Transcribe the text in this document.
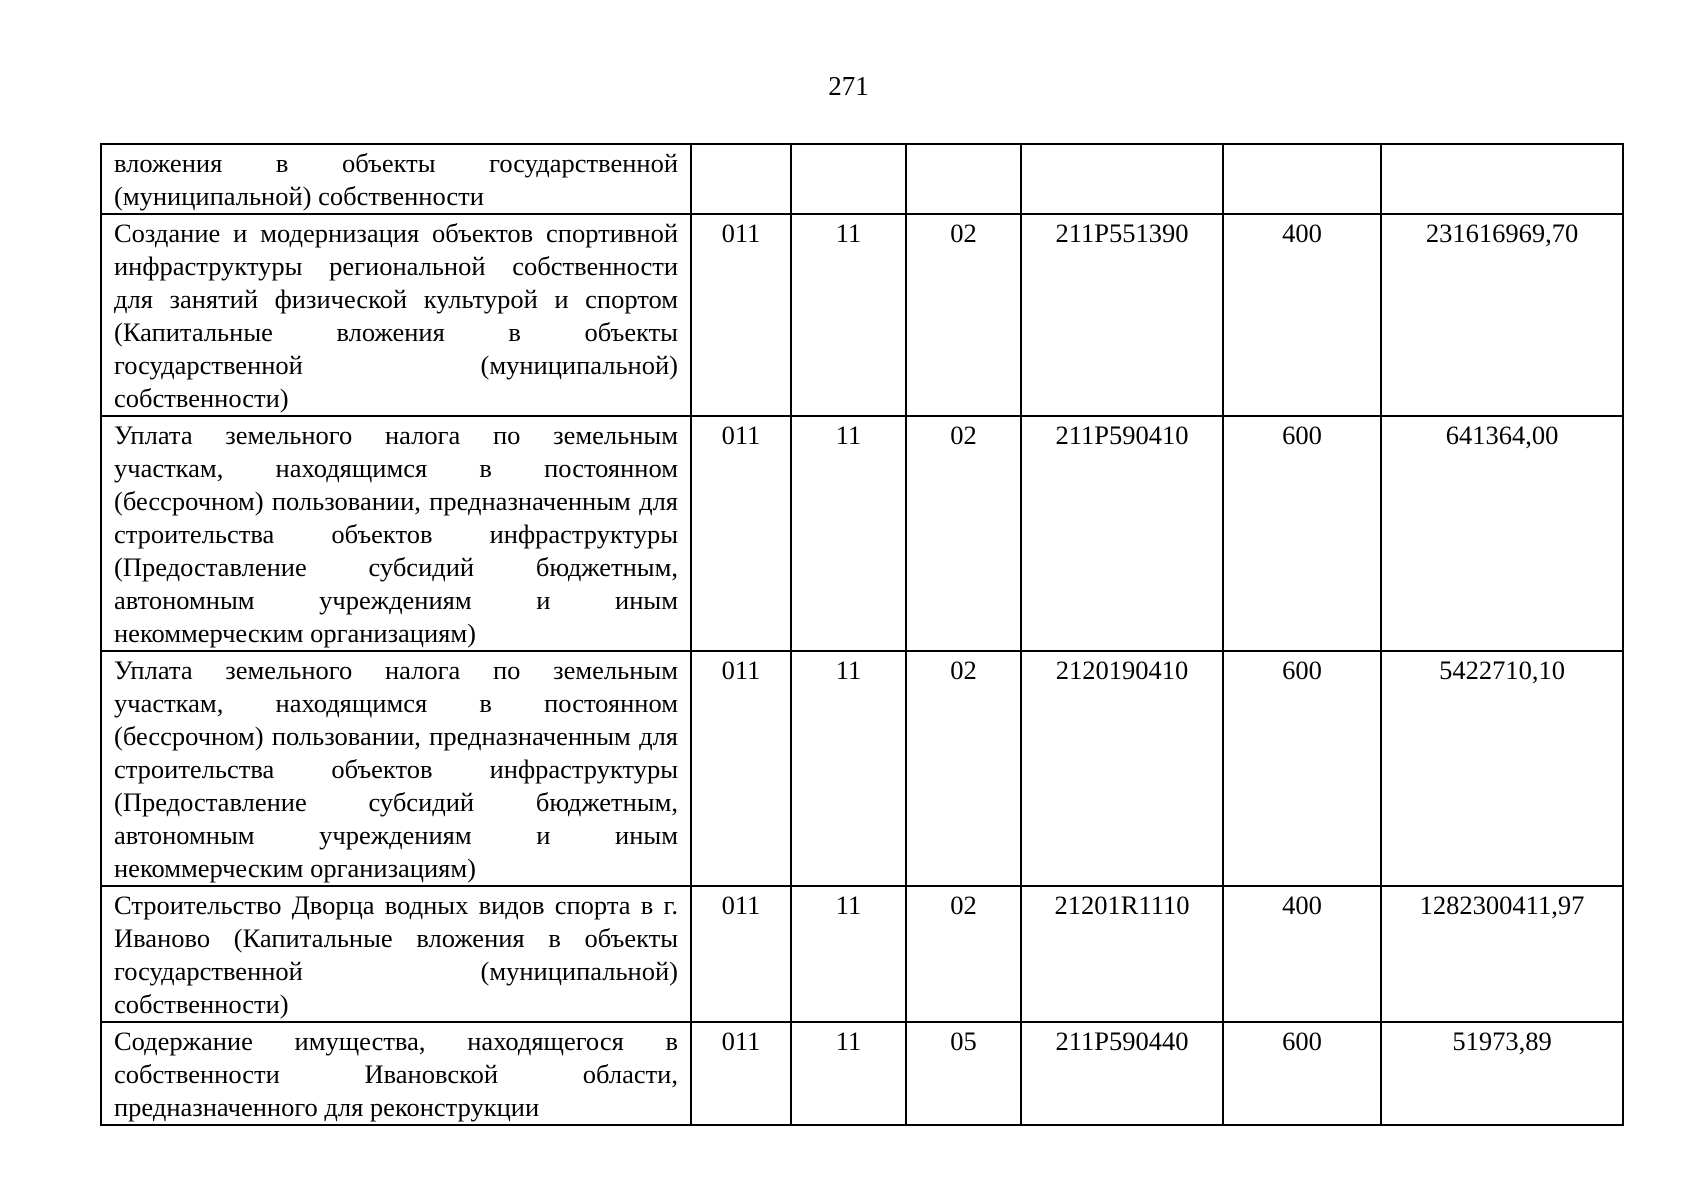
271
вложения в объекты государственной (муниципальной) собственности						
Создание и модернизация объектов спортивной инфраструктуры региональной собственности для занятий физической культурой и спортом (Капитальные вложения в объекты государственной (муниципальной) собственности)	011	11	02	211P551390	400	231616969,70
Уплата земельного налога по земельным участкам, находящимся в постоянном (бессрочном) пользовании, предназначенным для строительства объектов инфраструктуры (Предоставление субсидий бюджетным, автономным учреждениям и иным некоммерческим организациям)	011	11	02	211P590410	600	641364,00
Уплата земельного налога по земельным участкам, находящимся в постоянном (бессрочном) пользовании, предназначенным для строительства объектов инфраструктуры (Предоставление субсидий бюджетным, автономным учреждениям и иным некоммерческим организациям)	011	11	02	2120190410	600	5422710,10
Строительство Дворца водных видов спорта в г. Иваново (Капитальные вложения в объекты государственной (муниципальной) собственности)	011	11	02	21201R1110	400	1282300411,97
Содержание имущества, находящегося в собственности Ивановской области, предназначенного для реконструкции	011	11	05	211P590440	600	51973,89
